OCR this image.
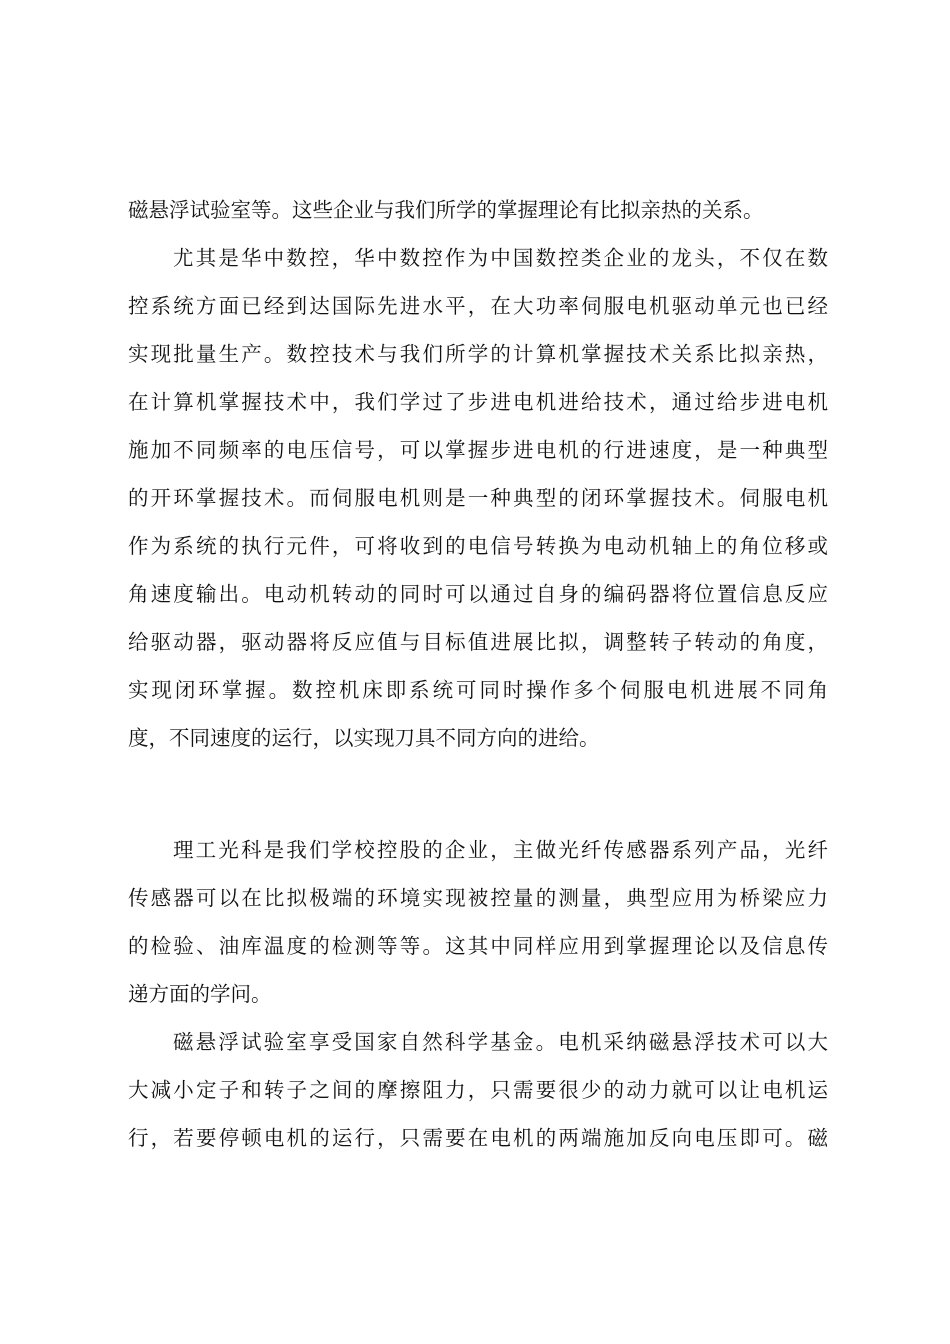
磁悬浮试验室等。这些企业与我们所学的掌握理论有比拟亲热的关系。
尤其是华中数控，华中数控作为中国数控类企业的龙头，不仅在数
控系统方面已经到达国际先进水平，在大功率伺服电机驱动单元也已经
实现批量生产。数控技术与我们所学的计算机掌握技术关系比拟亲热，
在计算机掌握技术中，我们学过了步进电机进给技术，通过给步进电机
施加不同频率的电压信号，可以掌握步进电机的行进速度，是一种典型
的开环掌握技术。而伺服电机则是一种典型的闭环掌握技术。伺服电机
作为系统的执行元件，可将收到的电信号转换为电动机轴上的角位移或
角速度输出。电动机转动的同时可以通过自身的编码器将位置信息反应
给驱动器，驱动器将反应值与目标值进展比拟，调整转子转动的角度，
实现闭环掌握。数控机床即系统可同时操作多个伺服电机进展不同角
度，不同速度的运行，以实现刀具不同方向的进给。
理工光科是我们学校控股的企业，主做光纤传感器系列产品，光纤
传感器可以在比拟极端的环境实现被控量的测量，典型应用为桥梁应力
的检验、油库温度的检测等等。这其中同样应用到掌握理论以及信息传
递方面的学问。
磁悬浮试验室享受国家自然科学基金。电机采纳磁悬浮技术可以大
大减小定子和转子之间的摩擦阻力，只需要很少的动力就可以让电机运
行，若要停顿电机的运行，只需要在电机的两端施加反向电压即可。磁
